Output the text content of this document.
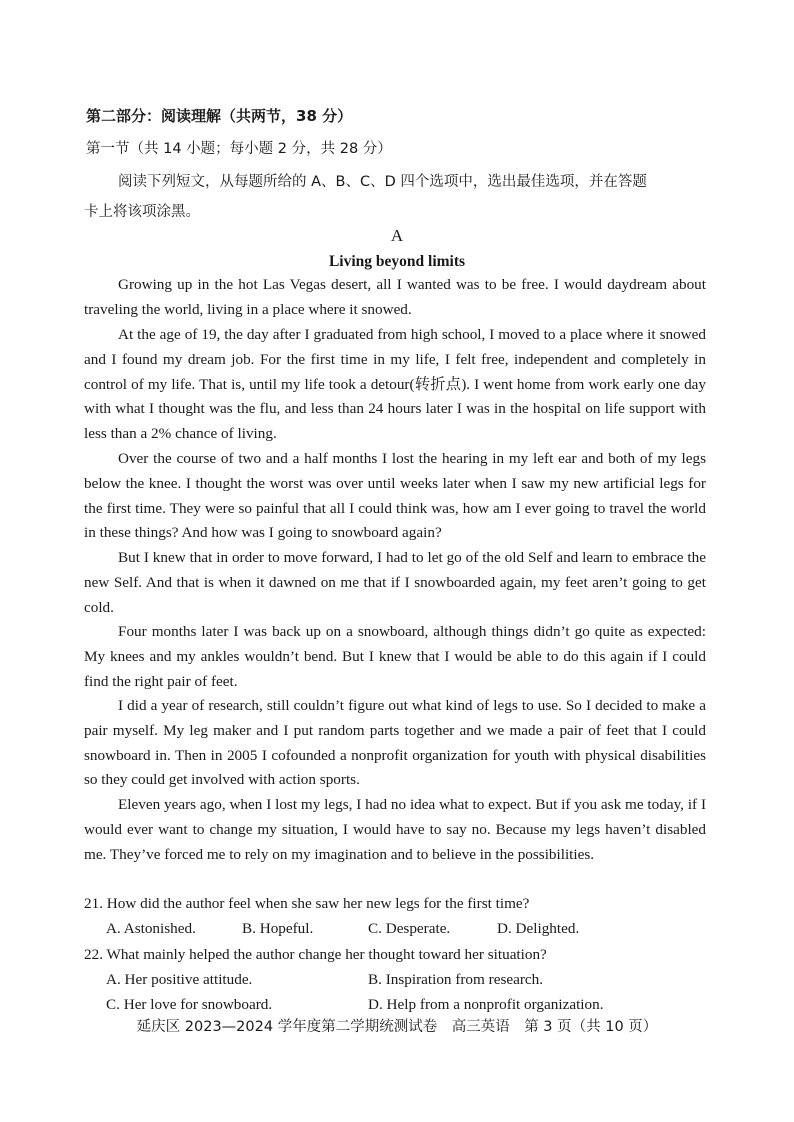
第二部分：阅读理解（共两节，38 分）
第一节（共 14 小题；每小题 2 分，共 28 分）
阅读下列短文，从每题所给的 A、B、C、D 四个选项中，选出最佳选项，并在答题
卡上将该项涂黑。
A
Living beyond limits
Growing up in the hot Las Vegas desert, all I wanted was to be free. I would daydream about traveling the world, living in a place where it snowed.
At the age of 19, the day after I graduated from high school, I moved to a place where it snowed and I found my dream job. For the first time in my life, I felt free, independent and completely in control of my life. That is, until my life took a detour(转折点). I went home from work early one day with what I thought was the flu, and less than 24 hours later I was in the hospital on life support with less than a 2% chance of living.
Over the course of two and a half months I lost the hearing in my left ear and both of my legs below the knee. I thought the worst was over until weeks later when I saw my new artificial legs for the first time. They were so painful that all I could think was, how am I ever going to travel the world in these things? And how was I going to snowboard again?
But I knew that in order to move forward, I had to let go of the old Self and learn to embrace the new Self. And that is when it dawned on me that if I snowboarded again, my feet aren’t going to get cold.
Four months later I was back up on a snowboard, although things didn’t go quite as expected: My knees and my ankles wouldn’t bend. But I knew that I would be able to do this again if I could find the right pair of feet.
I did a year of research, still couldn’t figure out what kind of legs to use. So I decided to make a pair myself. My leg maker and I put random parts together and we made a pair of feet that I could snowboard in. Then in 2005 I cofounded a nonprofit organization for youth with physical disabilities so they could get involved with action sports.
Eleven years ago, when I lost my legs, I had no idea what to expect. But if you ask me today, if I would ever want to change my situation, I would have to say no. Because my legs haven’t disabled me. They’ve forced me to rely on my imagination and to believe in the possibilities.
21. How did the author feel when she saw her new legs for the first time?
A. Astonished.	B. Hopeful.	C. Desperate.	D. Delighted.
22. What mainly helped the author change her thought toward her situation?
A. Her positive attitude.	B. Inspiration from research.
C. Her love for snowboard.	D. Help from a nonprofit organization.
延庆区 2023—2024 学年度第二学期统测试卷　高三英语　第 3 页（共 10 页）
